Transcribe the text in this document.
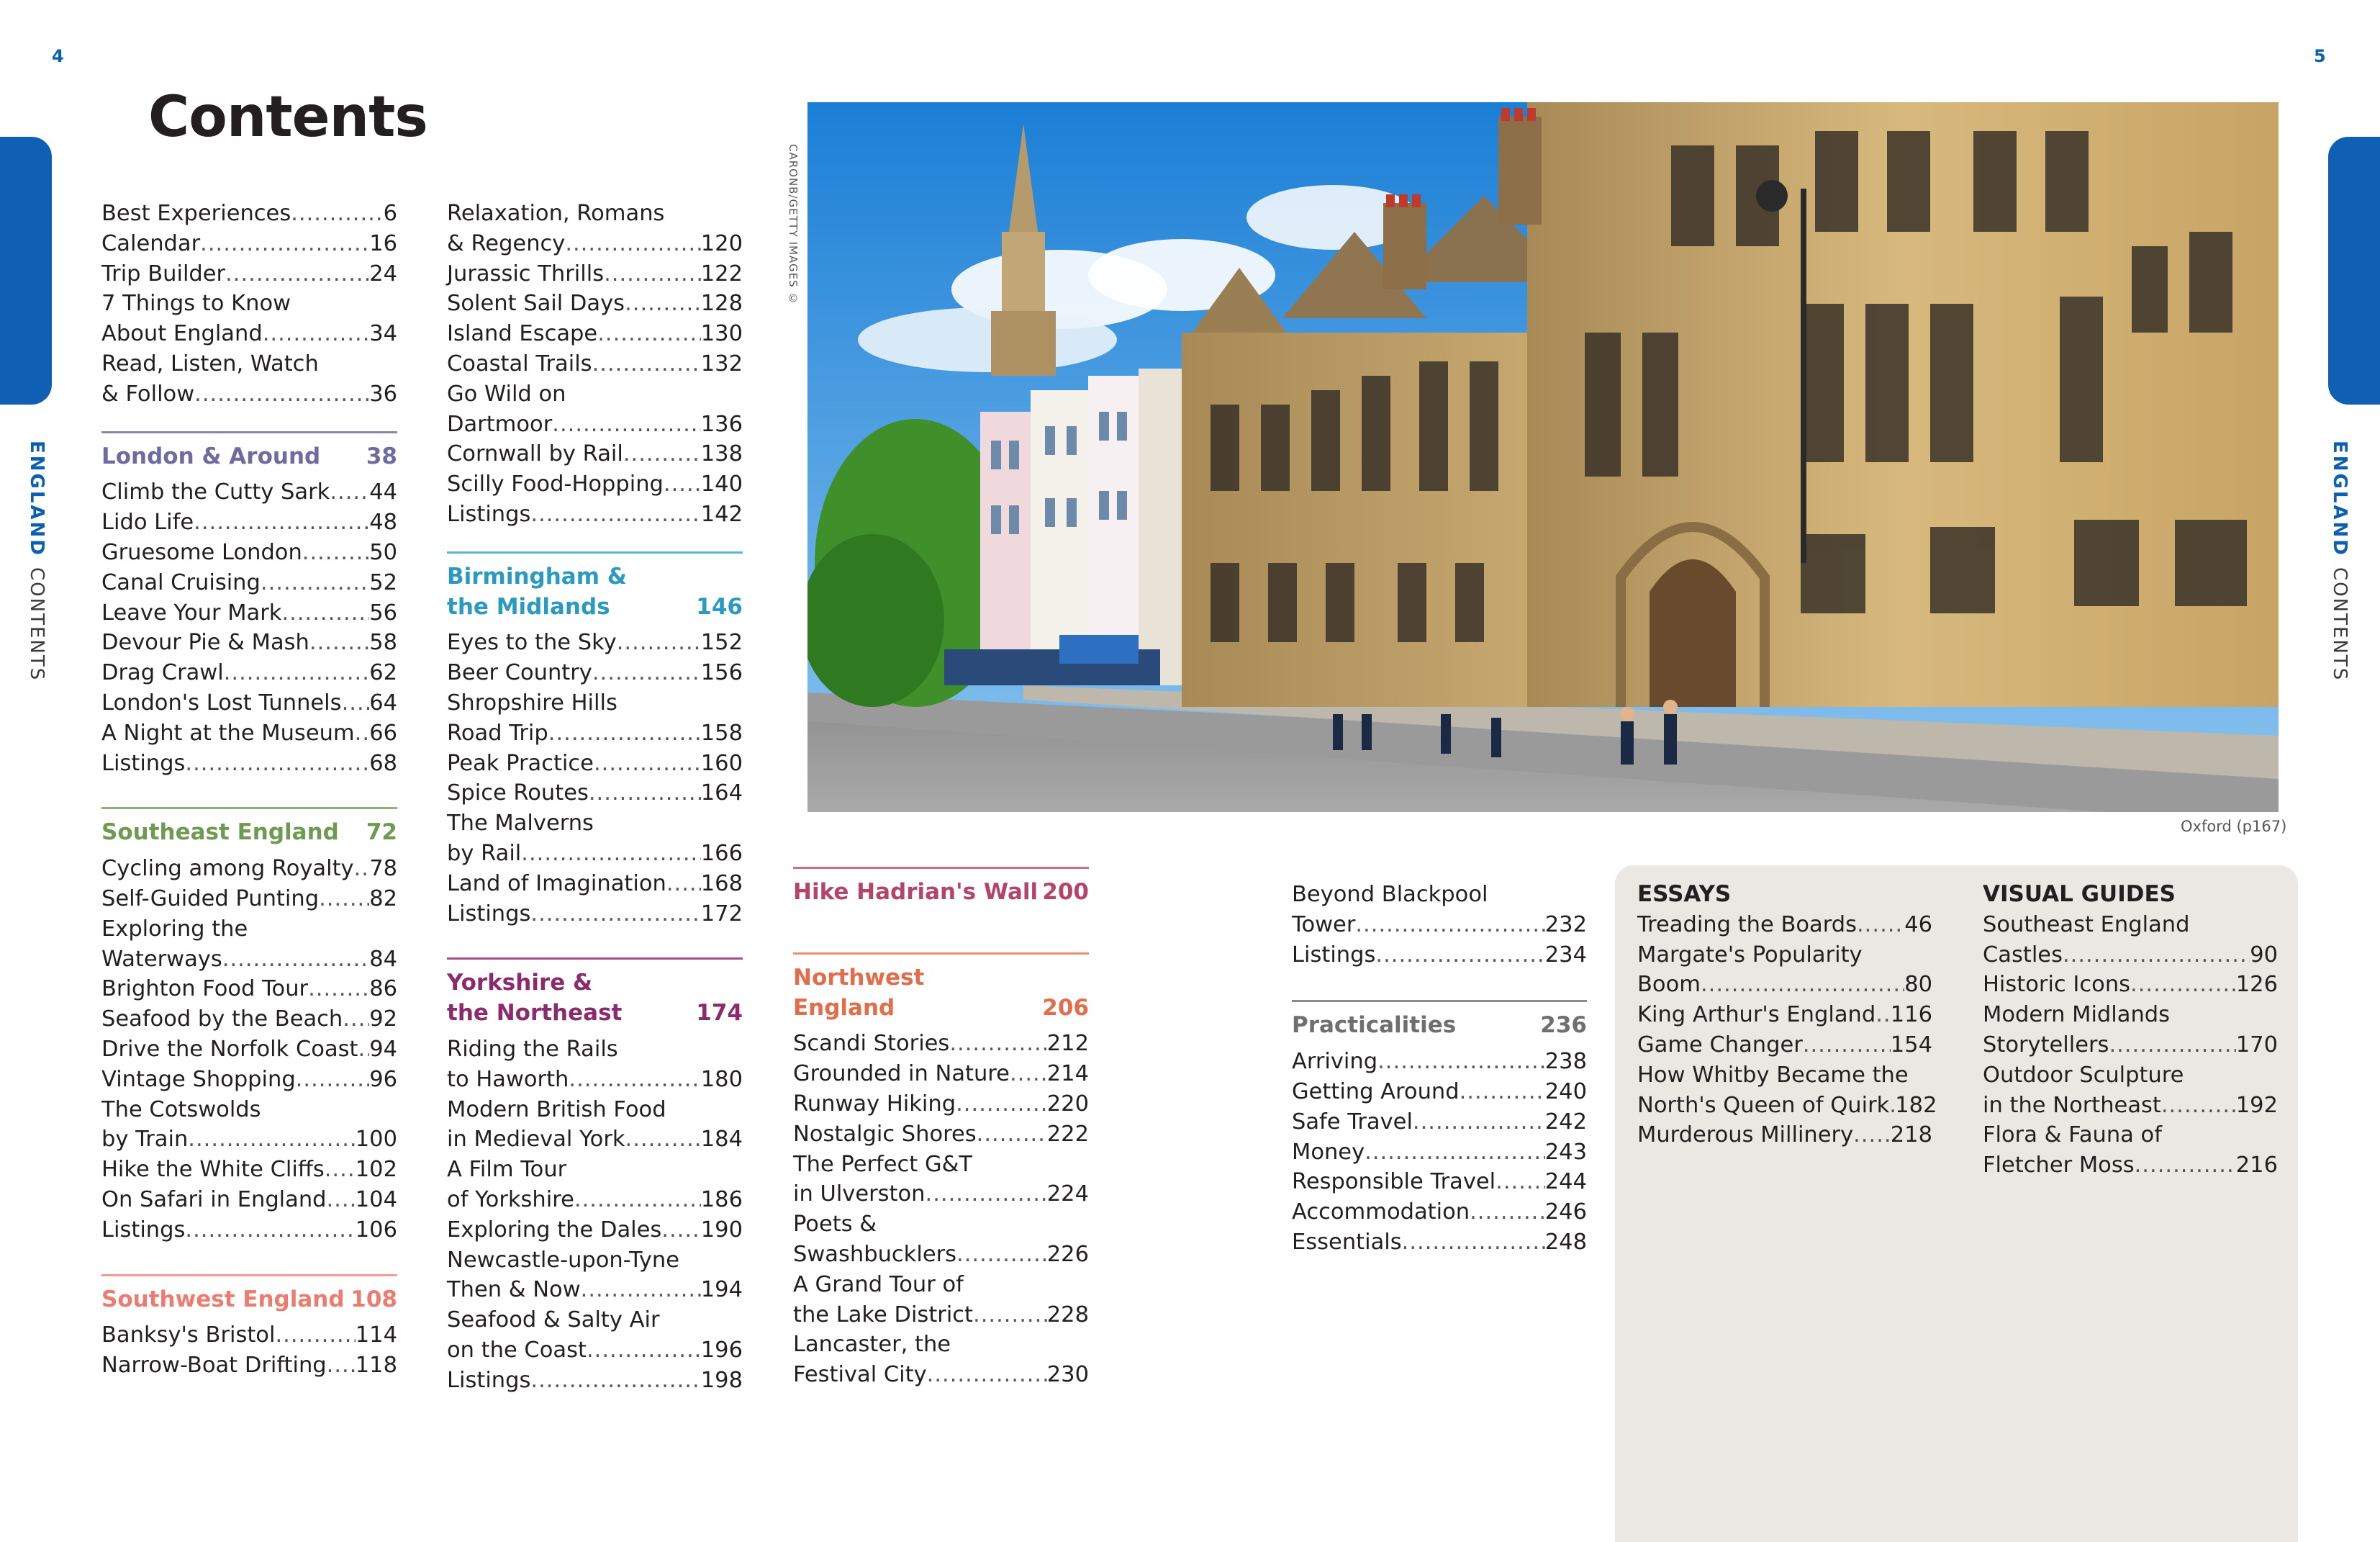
4	5
ENGLANDCONTENTS
ENGLANDCONTENTS
Contents
Best Experiences .....	6
Calendar .....	16
Trip Builder .....	24
7 Things to Know
About England .....	34
Read, Listen, Watch
& Follow .....	36
London & Around 38
Climb the Cutty Sark ..... 44
Lido Life .....	48
Gruesome London .....	50
Canal Cruising .....	52
Leave Your Mark .....	56
Devour Pie & Mash .....	58
Drag Crawl .....	62
London's Lost Tunnels ..... 64
A Night at the Museum ..... 66
Listings .....	68
Southeast England 72
Cycling among Royalty ..... 78
Self-Guided Punting ..... 82
Exploring the
Waterways .....	84
Brighton Food Tour .....	86
Seafood by the Beach ..... 92
Drive the Norfolk Coast ..... 94
Vintage Shopping .....	96
The Cotswolds
by Train .....	100
Hike the White Cliffs ..... 102
On Safari in England ..... 104
Listings .....	106
Southwest England 108
Banksy's Bristol .....	114
Narrow-Boat Drifting ..... 118
Relaxation, Romans
& Regency .....	120
Jurassic Thrills .....	122
Solent Sail Days .....	128
Island Escape .....	130
Coastal Trails .....	132
Go Wild on
Dartmoor .....	136
Cornwall by Rail .....	138
Scilly Food-Hopping ..... 140
Listings .....	142
Birmingham &
the Midlands	146
Eyes to the Sky .....	152
Beer Country .....	156
Shropshire Hills
Road Trip .....	158
Peak Practice .....	160
Spice Routes .....	164
The Malverns
by Rail .....	166
Land of Imagination ..... 168
Listings .....	172
Yorkshire &
the Northeast	174
Riding the Rails
to Haworth .....	180
Modern British Food
in Medieval York .....	184
A Film Tour
of Yorkshire .....	186
Exploring the Dales ..... 190
Newcastle-upon-Tyne
Then & Now .....	194
Seafood & Salty Air
on the Coast .....	196
Listings .....	198
CARONB/GETTY IMAGES ©
Oxford (p167)
Hike Hadrian's Wall 200
Northwest
England	206
Scandi Stories .....	212
Grounded in Nature ..... 214
Runway Hiking .....	220
Nostalgic Shores .....	222
The Perfect G&T
in Ulverston .....	224
Poets &
Swashbucklers .....	226
A Grand Tour of
the Lake District .....	228
Lancaster, the
Festival City .....	230
Beyond Blackpool
Tower .....	232
Listings .....	234
Practicalities	236
Arriving .....	238
Getting Around .....	240
Safe Travel .....	242
Money .....	243
Responsible Travel ..... 244
Accommodation .....	246
Essentials .....	248
ESSAYS
Treading the Boards ..... 46
Margate's Popularity
Boom .....	80
King Arthur's England ..... 116
Game Changer .....	154
How Whitby Became the
North's Queen of Quirk ..... 182
Murderous Millinery ..... 218
VISUAL GUIDES
Southeast England
Castles .....	90
Historic Icons .....	126
Modern Midlands
Storytellers .....	170
Outdoor Sculpture
in the Northeast .....	192
Flora & Fauna of
Fletcher Moss .....	216
